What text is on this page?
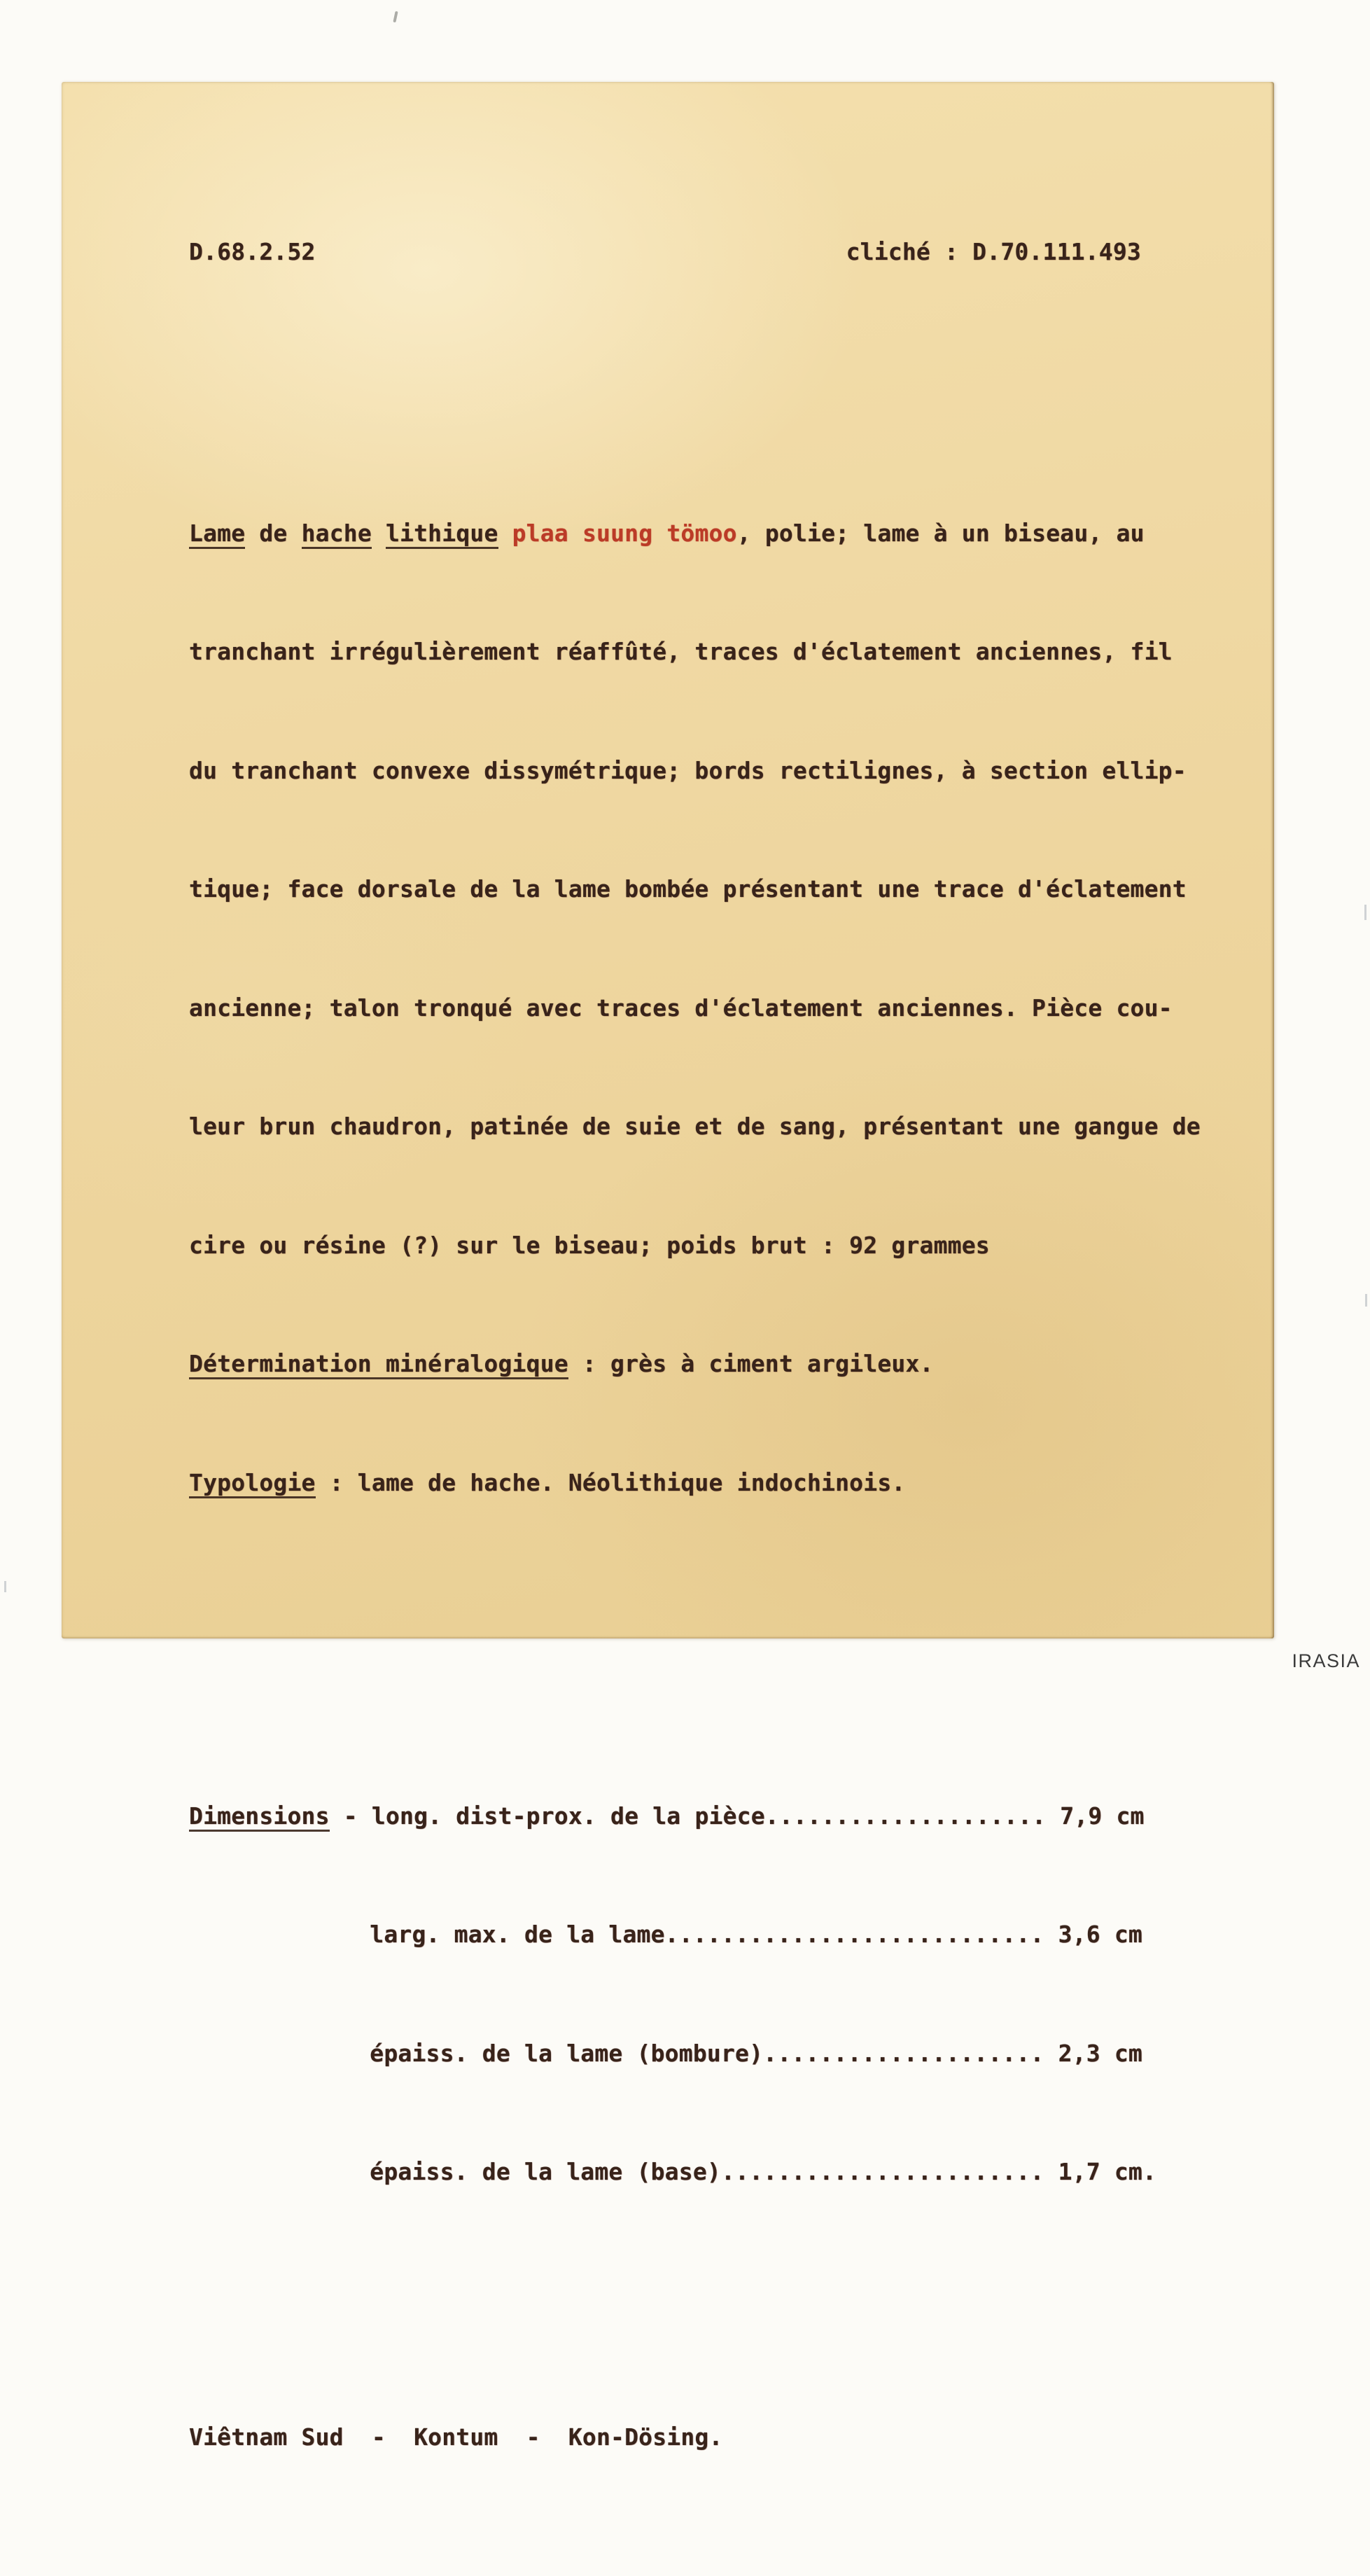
D.68.2.52	cliché : D.70.111.493

Lame de hache lithique plaa suung tömoo, polie; lame à un biseau, au

tranchant irrégulièrement réaffûté, traces d'éclatement anciennes, fil

du tranchant convexe dissymétrique; bords rectilignes, à section ellip-

tique; face dorsale de la lame bombée présentant une trace d'éclatement

ancienne; talon tronqué avec traces d'éclatement anciennes. Pièce cou-

leur brun chaudron, patinée de suie et de sang, présentant une gangue de

cire ou résine (?) sur le biseau; poids brut : 92 grammes

Détermination minéralogique : grès à ciment argileux.

Typologie : lame de hache. Néolithique indochinois.

Dimensions - long. dist-prox. de la pièce.................... 7,9 cm

larg. max. de la lame........................... 3,6 cm

épaiss. de la lame (bombure).................... 2,3 cm

épaiss. de la lame (base)....................... 1,7 cm.

Viêtnam Sud  -  Kontum  -  Kon-Dösing.

IRASIA
